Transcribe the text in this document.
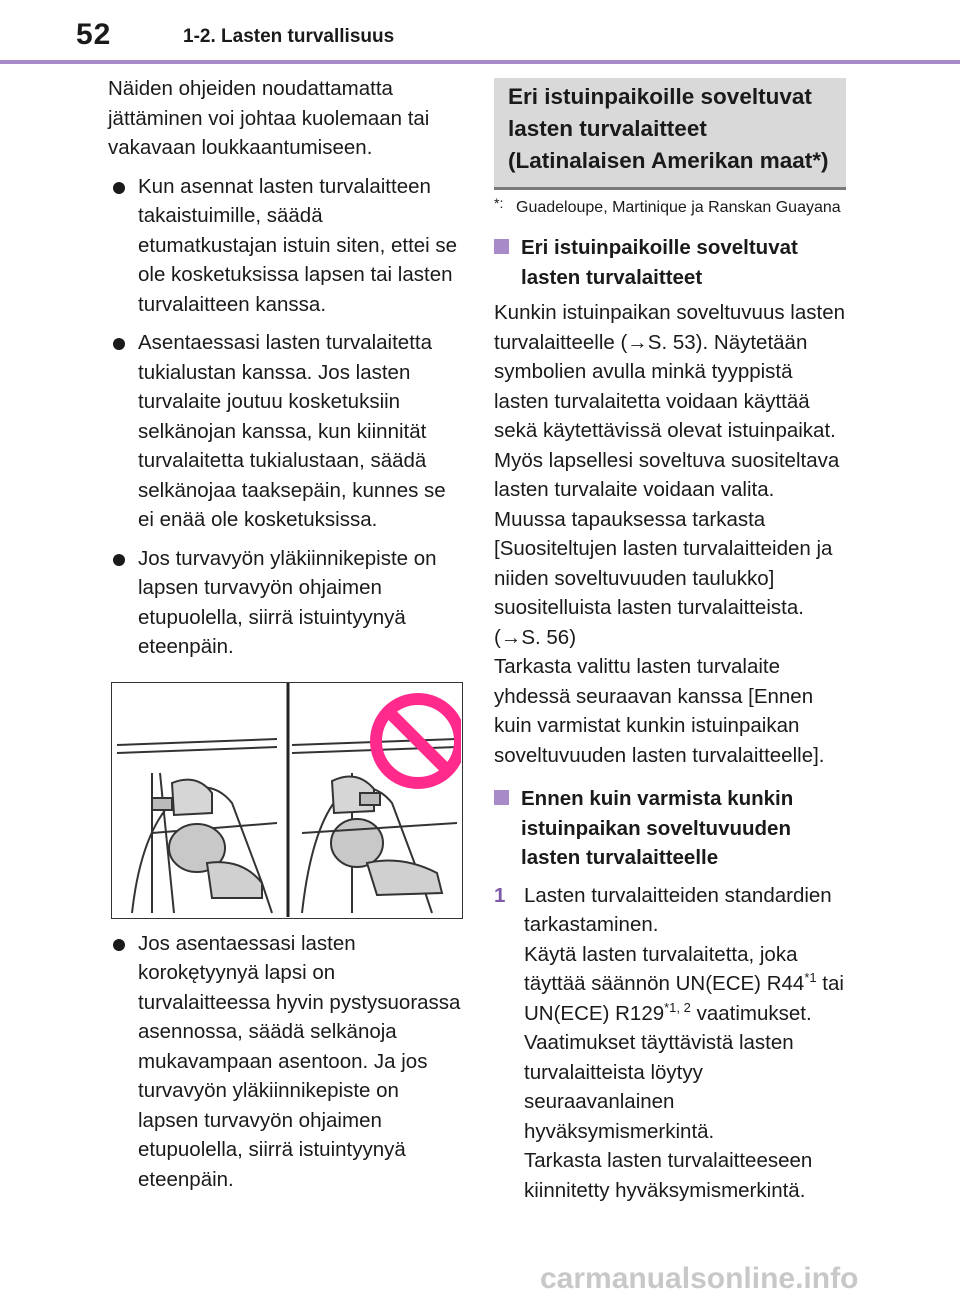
52	1-2. Lasten turvallisuus

Näiden ohjeiden noudattamatta jättäminen voi johtaa kuolemaan tai vakavaan loukkaantumiseen.

Kun asennat lasten turvalaitteen takaistuimille, säädä etumatkustajan istuin siten, ettei se ole kosketuksissa lapsen tai lasten turvalaitteen kanssa.
Asentaessasi lasten turvalaitetta tukialustan kanssa. Jos lasten turvalaite joutuu kosketuksiin selkänojan kanssa, kun kiinnität turvalaitetta tukialustaan, säädä selkänojaa taaksepäin, kunnes se ei enää ole kosketuksissa.
Jos turvavyön yläkiinnikepiste on lapsen turvavyön ohjaimen etupuolella, siirrä istuintyynyä eteenpäin.
Jos asentaessasi lasten korokętyynyä lapsi on turvalaitteessa hyvin pystysuorassa asennossa, säädä selkänoja mukavampaan asentoon. Ja jos turvavyön yläkiinnikepiste on lapsen turvavyön ohjaimen etupuolella, siirrä istuintyynyä eteenpäin.
Eri istuinpaikoille soveltuvat lasten turvalaitteet (Latinalaisen Amerikan maat*)
*: Guadeloupe, Martinique ja Ranskan Guayana
Eri istuinpaikoille soveltuvat lasten turvalaitteet

Kunkin istuinpaikan soveltuvuus lasten turvalaitteelle (→S. 53). Näytetään symbolien avulla minkä tyyppistä lasten turvalaitetta voidaan käyttää sekä käytettävissä olevat istuinpaikat.

Myös lapsellesi soveltuva suositeltava lasten turvalaite voidaan valita. Muussa tapauksessa tarkasta [Suositeltujen lasten turvalaitteiden ja niiden soveltuvuuden taulukko] suositelluista lasten turvalaitteista.

(→S. 56)

Tarkasta valittu lasten turvalaite yhdessä seuraavan kanssa [Ennen kuin varmistat kunkin istuinpaikan soveltuvuuden lasten turvalaitteelle].

Ennen kuin varmista kunkin istuinpaikan soveltuvuuden lasten turvalaitteelle
1 Lasten turvalaitteiden standardien tarkastaminen.

Käytä lasten turvalaitetta, joka täyttää säännön UN(ECE) R44$^{*1}$ tai UN(ECE) R129$^{*1, 2}$ vaatimukset.

Vaatimukset täyttävistä lasten turvalaitteista löytyy seuraavanlainen hyväksymismerkintä.

Tarkasta lasten turvalaitteeseen kiinnitetty hyväksymismerkintä.

carmanualsonline.info
